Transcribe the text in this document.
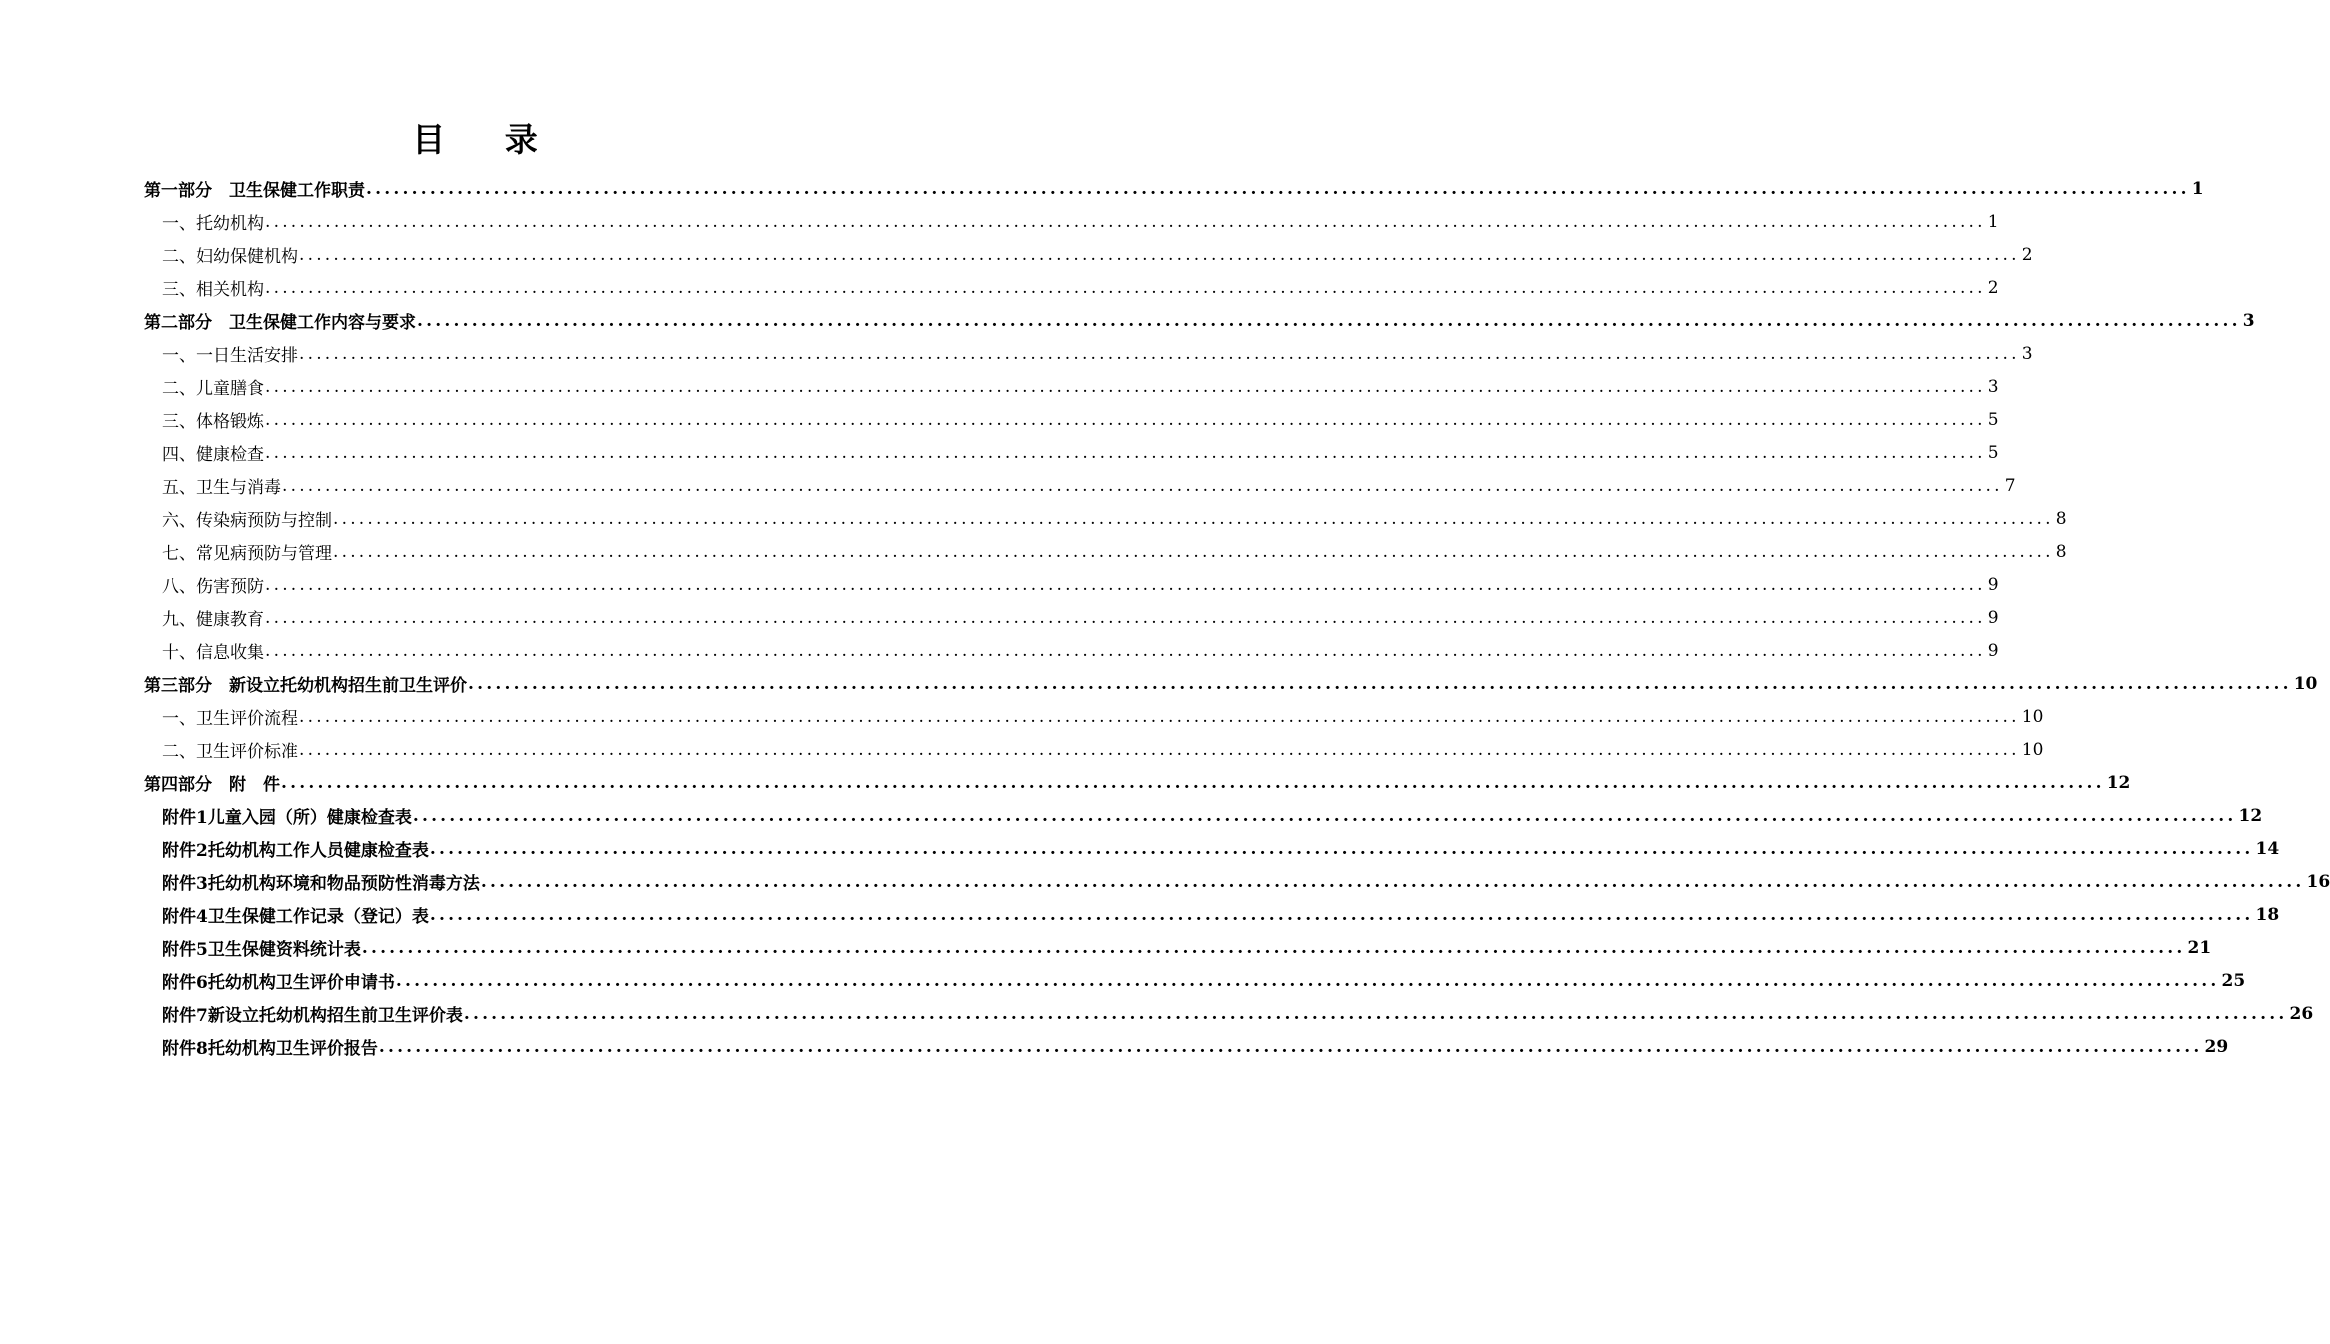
目 录
第一部分　卫生保健工作职责 ........................................................................................................................................................................................................ 1
一、托幼机构 ........................................................................................................................................................................................................ 1
二、妇幼保健机构 ........................................................................................................................................................................................................ 2
三、相关机构 ........................................................................................................................................................................................................ 2
第二部分　卫生保健工作内容与要求 ........................................................................................................................................................................................................ 3
一、一日生活安排 ........................................................................................................................................................................................................ 3
二、儿童膳食 ........................................................................................................................................................................................................ 3
三、体格锻炼 ........................................................................................................................................................................................................ 5
四、健康检查 ........................................................................................................................................................................................................ 5
五、卫生与消毒 ........................................................................................................................................................................................................ 7
六、传染病预防与控制 ........................................................................................................................................................................................................ 8
七、常见病预防与管理 ........................................................................................................................................................................................................ 8
八、伤害预防 ........................................................................................................................................................................................................ 9
九、健康教育 ........................................................................................................................................................................................................ 9
十、信息收集 ........................................................................................................................................................................................................ 9
第三部分　新设立托幼机构招生前卫生评价 ........................................................................................................................................................................................................ 10
一、卫生评价流程 ........................................................................................................................................................................................................ 10
二、卫生评价标准 ........................................................................................................................................................................................................ 10
第四部分　附　件 ........................................................................................................................................................................................................ 12
附件1儿童入园（所）健康检查表 ........................................................................................................................................................................................................ 12
附件2托幼机构工作人员健康检查表 ........................................................................................................................................................................................................ 14
附件3托幼机构环境和物品预防性消毒方法 ........................................................................................................................................................................................................ 16
附件4卫生保健工作记录（登记）表 ........................................................................................................................................................................................................ 18
附件5卫生保健资料统计表 ........................................................................................................................................................................................................ 21
附件6托幼机构卫生评价申请书 ........................................................................................................................................................................................................ 25
附件7新设立托幼机构招生前卫生评价表 ........................................................................................................................................................................................................ 26
附件8托幼机构卫生评价报告 ........................................................................................................................................................................................................ 29
